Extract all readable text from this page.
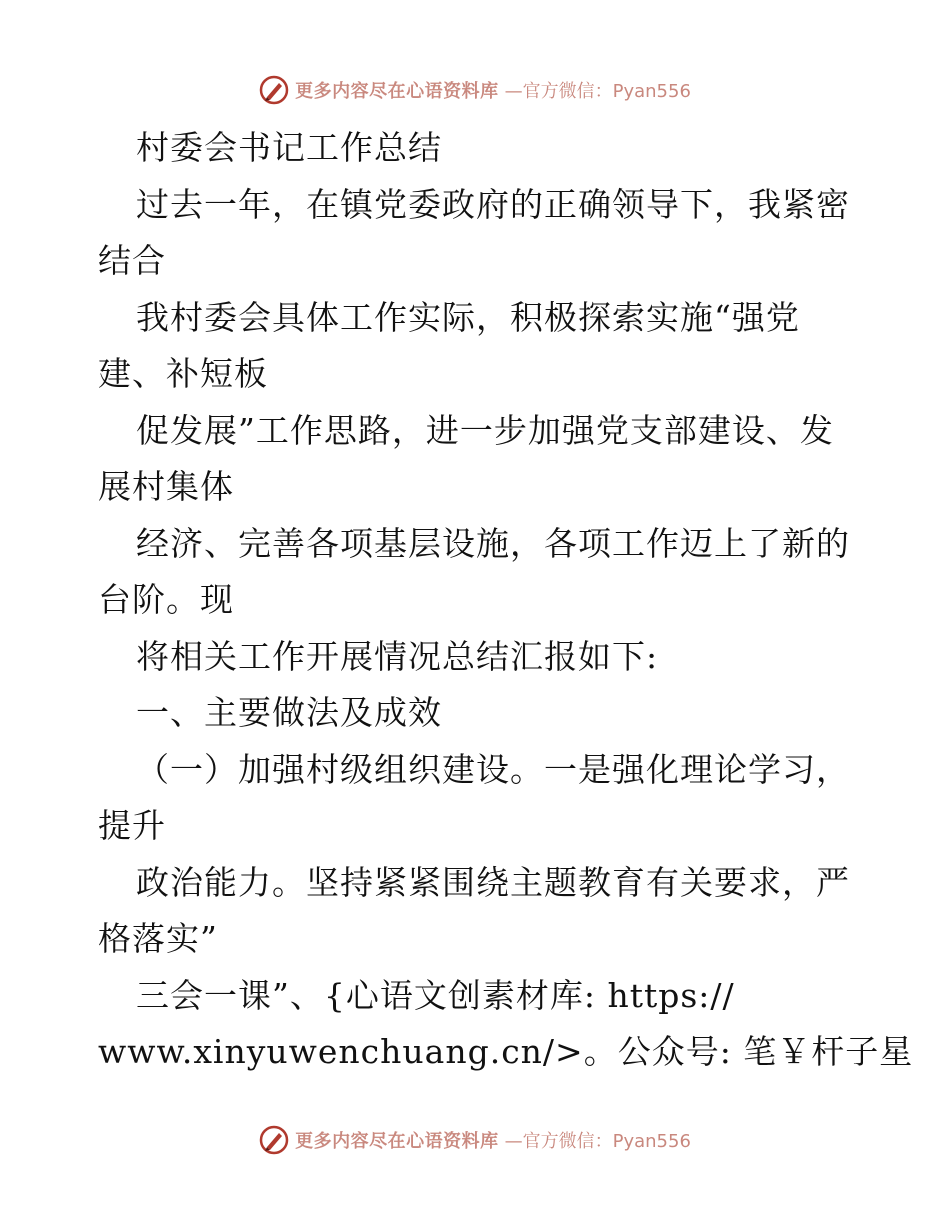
更多内容尽在心语资料库 —官方微信：Pyan556
村委会书记工作总结
过去一年，在镇党委政府的正确领导下，我紧密
结合
我村委会具体工作实际，积极探索实施“强党
建、补短板
促发展”工作思路，进一步加强党支部建设、发
展村集体
经济、完善各项基层设施，各项工作迈上了新的
台阶。现
将相关工作开展情况总结汇报如下:
一、主要做法及成效
（一）加强村级组织建设。一是强化理论学习，
提升
政治能力。坚持紧紧围绕主题教育有关要求，严
格落实”
三会一课”、{心语文创素材库: https://
www.xinyuwenchuang.cn/>。公众号: 笔￥杆子星
更多内容尽在心语资料库 —官方微信：Pyan556
